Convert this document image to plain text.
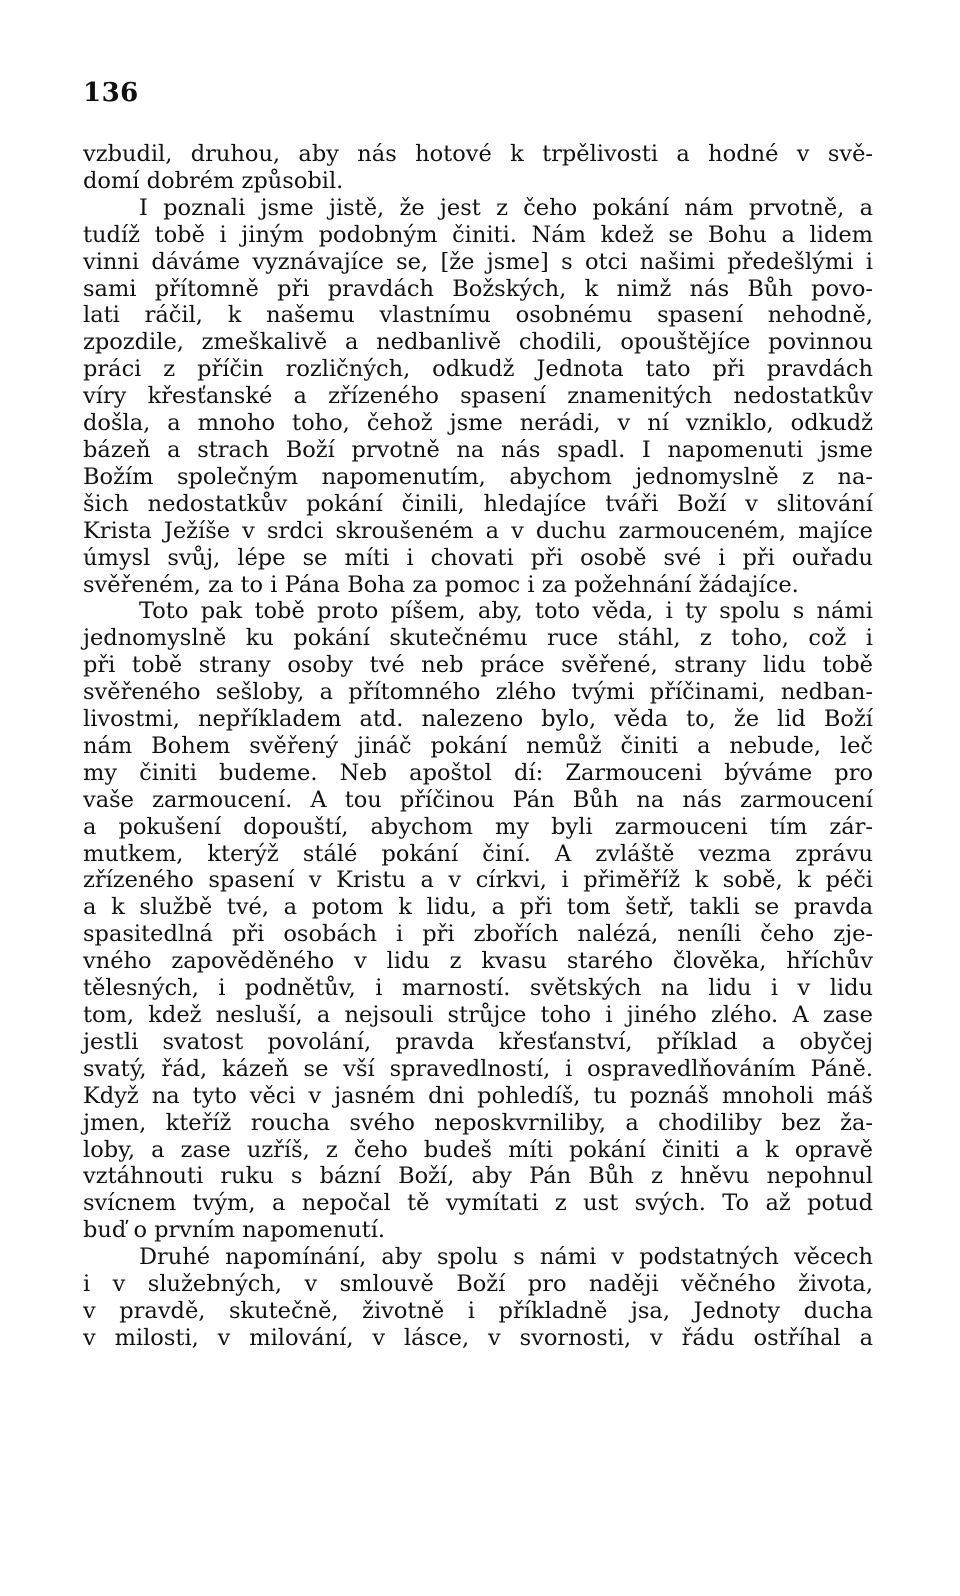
136
vzbudil, druhou, aby nás hotové k trpělivosti a hodné v svě-
domí dobrém způsobil.
I poznali jsme jistě, že jest z čeho pokání nám prvotně, a
tudíž tobě i jiným podobným činiti. Nám kdež se Bohu a lidem
vinni dáváme vyznávajíce se, [že jsme] s otci našimi předešlými i
sami přítomně při pravdách Božských, k nimž nás Bůh povo-
lati ráčil, k našemu vlastnímu osobnému spasení nehodně,
zpozdile, zmeškalivě a nedbanlivě chodili, opouštějíce povinnou
práci z příčin rozličných, odkudž Jednota tato při pravdách
víry křesťanské a zřízeného spasení znamenitých nedostatkův
došla, a mnoho toho, čehož jsme nerádi, v ní vzniklo, odkudž
bázeň a strach Boží prvotně na nás spadl. I napomenuti jsme
Božím společným napomenutím, abychom jednomyslně z na-
šich nedostatkův pokání činili, hledajíce tváři Boží v slitování
Krista Ježíše v srdci skroušeném a v duchu zarmouceném, majíce
úmysl svůj, lépe se míti i chovati při osobě své i při ouřadu
svěřeném, za to i Pána Boha za pomoc i za požehnání žádajíce.
Toto pak tobě proto píšem, aby, toto věda, i ty spolu s námi
jednomyslně ku pokání skutečnému ruce stáhl, z toho, což i
při tobě strany osoby tvé neb práce svěřené, strany lidu tobě
svěřeného sešloby, a přítomného zlého tvými příčinami, nedban-
livostmi, nepříkladem atd. nalezeno bylo, věda to, že lid Boží
nám Bohem svěřený jináč pokání nemůž činiti a nebude, leč
my činiti budeme. Neb apoštol dí: Zarmouceni býváme pro
vaše zarmoucení. A tou příčinou Pán Bůh na nás zarmoucení
a pokušení dopouští, abychom my byli zarmouceni tím zár-
mutkem, kterýž stálé pokání činí. A zvláště vezma zprávu
zřízeného spasení v Kristu a v církvi, i přiměříž k sobě, k péči
a k službě tvé, a potom k lidu, a při tom šetř, takli se pravda
spasitedlná při osobách i při zbořích nalézá, neníli čeho zje-
vného zapověděného v lidu z kvasu starého člověka, hříchův
tělesných, i podnětův, i marností. světských na lidu i v lidu
tom, kdež nesluší, a nejsouli strůjce toho i jiného zlého. A zase
jestli svatost povolání, pravda křesťanství, příklad a obyčej
svatý, řád, kázeň se vší spravedlností, i ospravedlňováním Páně.
Když na tyto věci v jasném dni pohledíš, tu poznáš mnoholi máš
jmen, kteříž roucha svého neposkvrniliby, a chodiliby bez ža-
loby, a zase uzříš, z čeho budeš míti pokání činiti a k opravě
vztáhnouti ruku s bázní Boží, aby Pán Bůh z hněvu nepohnul
svícnem tvým, a nepočal tě vymítati z ust svých. To až potud
buď o prvním napomenutí.
Druhé napomínání, aby spolu s námi v podstatných věcech
i v služebných, v smlouvě Boží pro naději věčného života,
v pravdě, skutečně, životně i příkladně jsa, Jednoty ducha
v milosti, v milování, v lásce, v svornosti, v řádu ostříhal a
